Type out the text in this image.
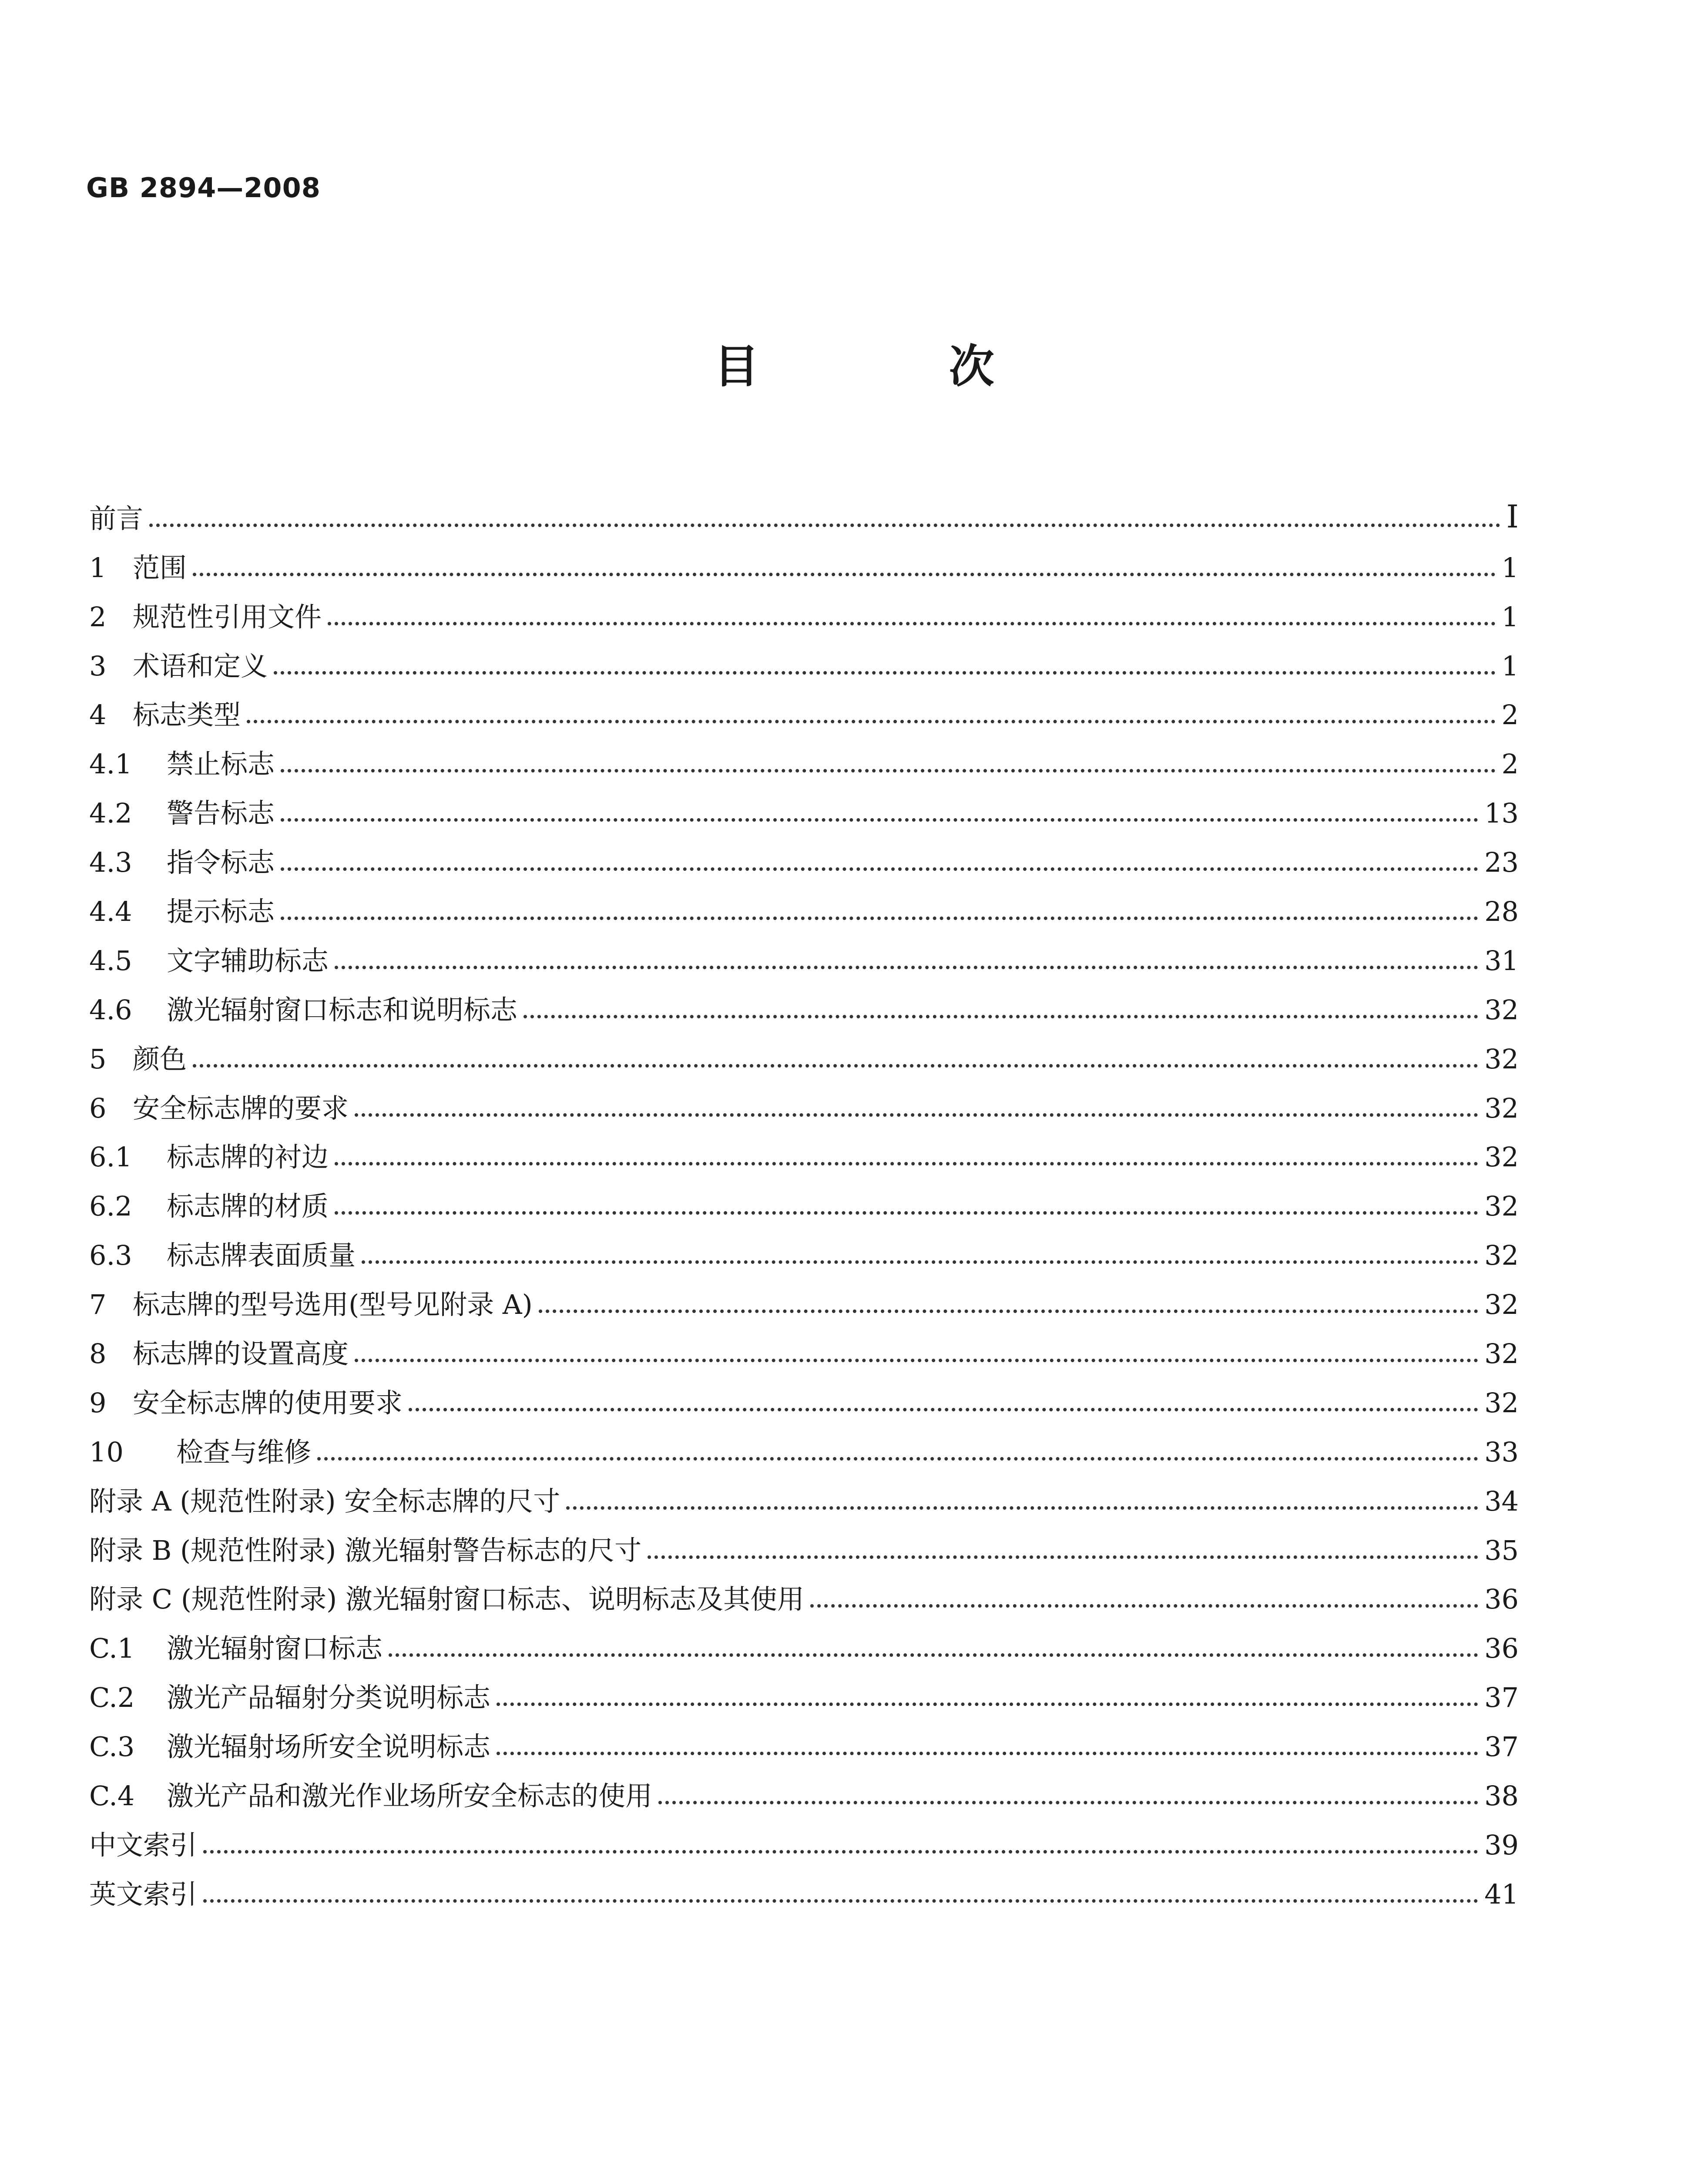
GB 2894—2008
目 次
前言	I
1 范围	1
2 规范性引用文件	1
3 术语和定义	1
4 标志类型	2
4.1	禁止标志	2
4.2	警告标志	13
4.3	指令标志	23
4.4	提示标志	28
4.5	文字辅助标志	31
4.6	激光辐射窗口标志和说明标志	32
5 颜色	32
6 安全标志牌的要求	32
6.1	标志牌的衬边	32
6.2	标志牌的材质	32
6.3	标志牌表面质量	32
7 标志牌的型号选用(型号见附录 A)	32
8 标志牌的设置高度	32
9 安全标志牌的使用要求	32
10	检查与维修	33
附录 A (规范性附录) 安全标志牌的尺寸	34
附录 B (规范性附录) 激光辐射警告标志的尺寸	35
附录 C (规范性附录) 激光辐射窗口标志、说明标志及其使用	36
C.1	激光辐射窗口标志	36
C.2	激光产品辐射分类说明标志	37
C.3	激光辐射场所安全说明标志	37
C.4	激光产品和激光作业场所安全标志的使用	38
中文索引	39
英文索引	41
